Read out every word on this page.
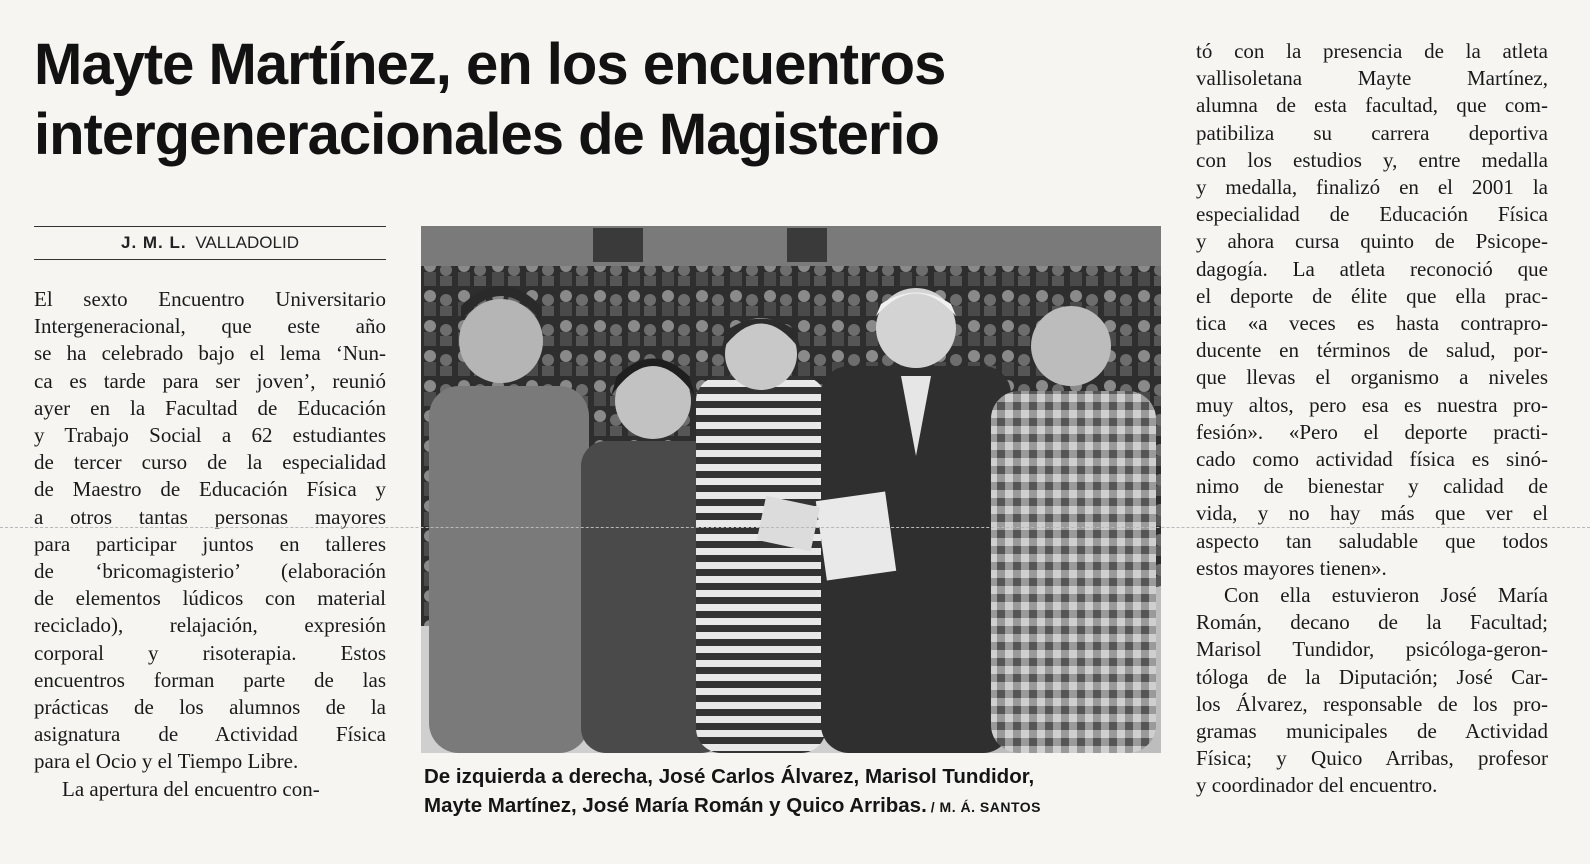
Mayte Martínez, en los encuentros
intergeneracionales de Magisterio
J. M. L. VALLADOLID
El sexto Encuentro Universitario
Intergeneracional, que este año
se ha celebrado bajo el lema ‘Nun-
ca es tarde para ser joven’, reunió
ayer en la Facultad de Educación
y Trabajo Social a 62 estudiantes
de tercer curso de la especialidad
de Maestro de Educación Física y
a otros tantas personas mayores
para participar juntos en talleres
de ‘bricomagisterio’ (elaboración
de elementos lúdicos con material
reciclado), relajación, expresión
corporal y risoterapia. Estos
encuentros forman parte de las
prácticas de los alumnos de la
asignatura de Actividad Física
para el Ocio y el Tiempo Libre.
La apertura del encuentro con-
De izquierda a derecha, José Carlos Álvarez, Marisol Tundidor,
Mayte Martínez, José María Román y Quico Arribas. / M. Á. SANTOS
tó con la presencia de la atleta
vallisoletana Mayte Martínez,
alumna de esta facultad, que com-
patibiliza su carrera deportiva
con los estudios y, entre medalla
y medalla, finalizó en el 2001 la
especialidad de Educación Física
y ahora cursa quinto de Psicope-
dagogía. La atleta reconoció que
el deporte de élite que ella prac-
tica «a veces es hasta contrapro-
ducente en términos de salud, por-
que llevas el organismo a niveles
muy altos, pero esa es nuestra pro-
fesión». «Pero el deporte practi-
cado como actividad física es sinó-
nimo de bienestar y calidad de
vida, y no hay más que ver el
aspecto tan saludable que todos
estos mayores tienen».
Con ella estuvieron José María
Román, decano de la Facultad;
Marisol Tundidor, psicóloga-geron-
tóloga de la Diputación; José Car-
los Álvarez, responsable de los pro-
gramas municipales de Actividad
Física; y Quico Arribas, profesor
y coordinador del encuentro.
